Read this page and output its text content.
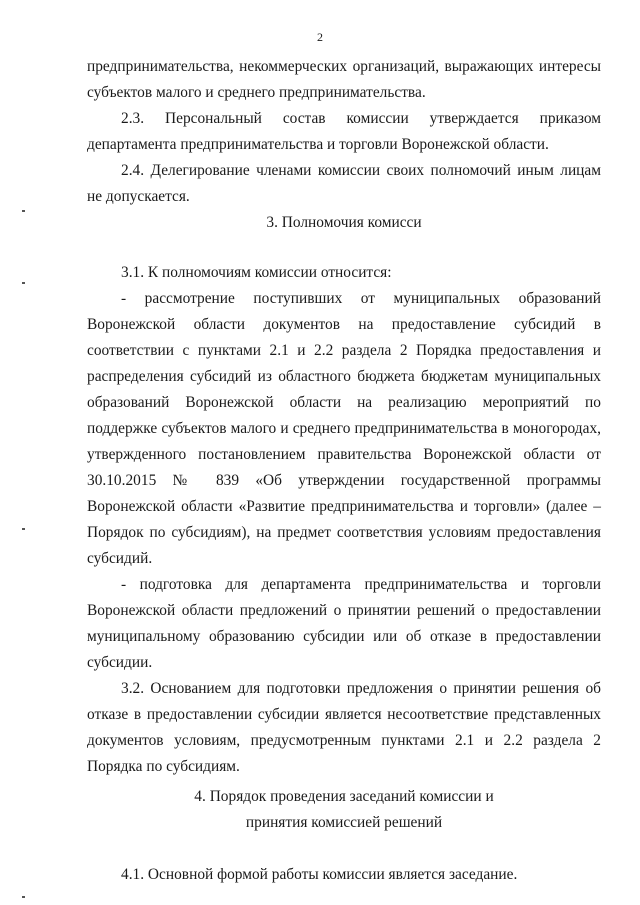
2

предпринимательства, некоммерческих организаций, выражающих интересы субъектов малого и среднего предпринимательства.

2.3. Персональный состав комиссии утверждается приказом департамента предпринимательства и торговли Воронежской области.

2.4. Делегирование членами комиссии своих полномочий иным лицам не допускается.

3. Полномочия комисси

3.1. К полномочиям комиссии относится:

- рассмотрение поступивших от муниципальных образований Воронежской области документов на предоставление субсидий в соответствии с пунктами 2.1 и 2.2 раздела 2 Порядка предоставления и распределения субсидий из областного бюджета бюджетам муниципальных образований Воронежской области на реализацию мероприятий по поддержке субъектов малого и среднего предпринимательства в моногородах, утвержденного постановлением правительства Воронежской области от 30.10.2015 № 839 «Об утверждении государственной программы Воронежской области «Развитие предпринимательства и торговли» (далее – Порядок по субсидиям), на предмет соответствия условиям предоставления субсидий.

- подготовка для департамента предпринимательства и торговли Воронежской области предложений о принятии решений о предоставлении муниципальному образованию субсидии или об отказе в предоставлении субсидии.

3.2. Основанием для подготовки предложения о принятии решения об отказе в предоставлении субсидии является несоответствие представленных документов условиям, предусмотренным пунктами 2.1 и 2.2 раздела 2 Порядка по субсидиям.

4. Порядок проведения заседаний комиссии и

принятия комиссией решений

4.1. Основной формой работы комиссии является заседание.
